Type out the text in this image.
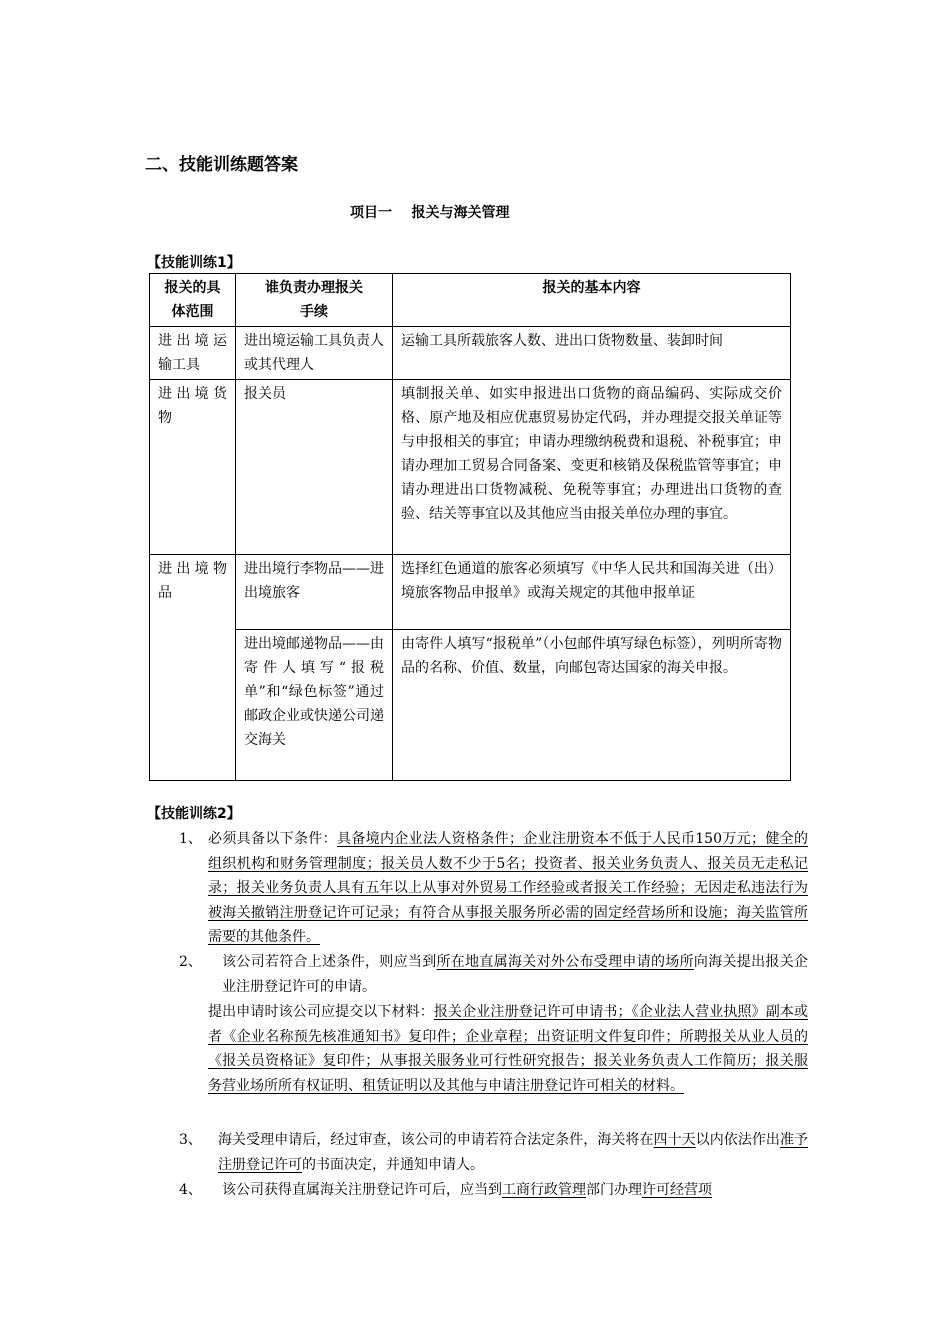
二、技能训练题答案
项目一    报关与海关管理
【技能训练1】
报关的具体范围	谁负责办理报关手续	报关的基本内容
进出境运输工具	进出境运输工具负责人或其代理人	运输工具所载旅客人数、进出口货物数量、装卸时间
进出境货物	报关员	填制报关单、如实申报进出口货物的商品编码、实际成交价格、原产地及相应优惠贸易协定代码，并办理提交报关单证等与申报相关的事宜；申请办理缴纳税费和退税、补税事宜；申请办理加工贸易合同备案、变更和核销及保税监管等事宜；申请办理进出口货物减税、免税等事宜；办理进出口货物的查验、结关等事宜以及其他应当由报关单位办理的事宜。
进出境物品	进出境行李物品——进出境旅客	选择红色通道的旅客必须填写《中华人民共和国海关进（出）境旅客物品申报单》或海关规定的其他申报单证
	进出境邮递物品——由寄件人填写“报税单”和“绿色标签”通过邮政企业或快递公司递交海关	由寄件人填写“报税单”（小包邮件填写绿色标签），列明所寄物品的名称、价值、数量，向邮包寄达国家的海关申报。
【技能训练2】
1、 必须具备以下条件：具备境内企业法人资格条件；企业注册资本不低于人民币150万元；健全的组织机构和财务管理制度；报关员人数不少于5名；投资者、报关业务负责人、报关员无走私记录；报关业务负责人具有五年以上从事对外贸易工作经验或者报关工作经验；无因走私违法行为被海关撤销注册登记许可记录；有符合从事报关服务所必需的固定经营场所和设施；海关监管所需要的其他条件。
2、 该公司若符合上述条件，则应当到所在地直属海关对外公布受理申请的场所向海关提出报关企业注册登记许可的申请。
提出申请时该公司应提交以下材料：报关企业注册登记许可申请书；《企业法人营业执照》副本或者《企业名称预先核准通知书》复印件；企业章程；出资证明文件复印件；所聘报关从业人员的《报关员资格证》复印件；从事报关服务业可行性研究报告；报关业务负责人工作简历；报关服务营业场所所有权证明、租赁证明以及其他与申请注册登记许可相关的材料。
3、 海关受理申请后，经过审查，该公司的申请若符合法定条件，海关将在四十天以内依法作出准予注册登记许可的书面决定，并通知申请人。
4、 该公司获得直属海关注册登记许可后，应当到工商行政管理部门办理许可经营项
